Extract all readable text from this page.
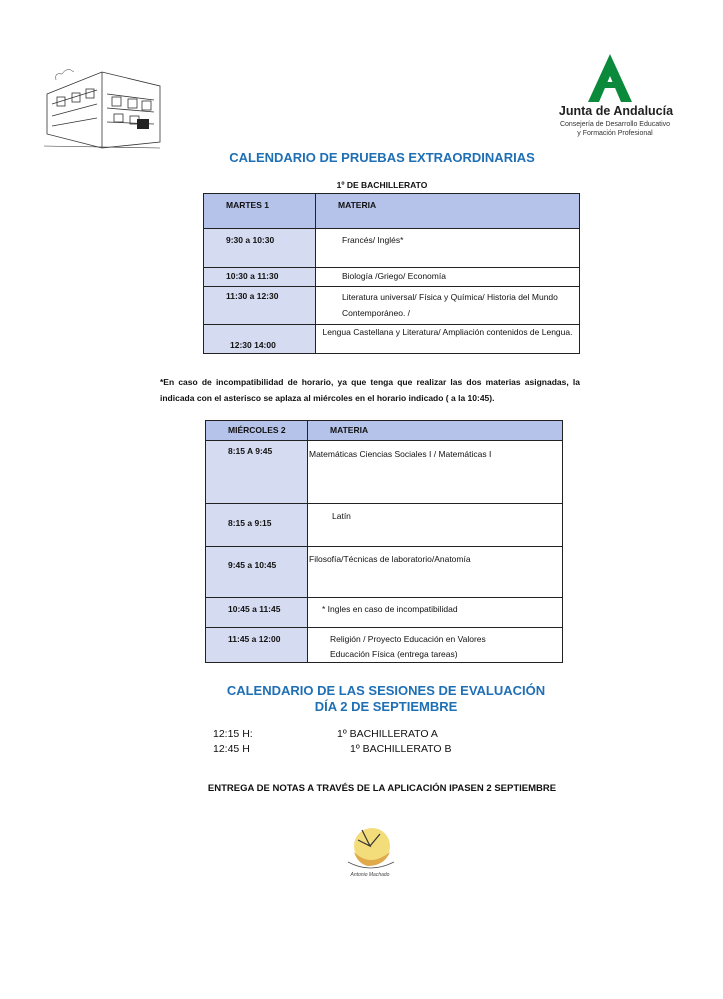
Junta de Andalucía
Consejería de Desarrollo Educativo
y Formación Profesional
CALENDARIO DE PRUEBAS EXTRAORDINARIAS
1º DE BACHILLERATO
MARTES 1	MATERIA
9:30 a 10:30	Francés/ Inglés*
10:30 a 11:30	Biología /Griego/ Economía
11:30 a 12:30	Literatura universal/ Física y Química/ Historia del Mundo Contemporáneo. /
12:30 14:00	Lengua Castellana y Literatura/ Ampliación contenidos de Lengua.
*En caso de incompatibilidad de horario, ya que tenga que realizar las dos materias asignadas, la indicada con el asterisco se aplaza al miércoles en el horario indicado ( a la 10:45).
MIÉRCOLES 2	MATERIA
8:15 A 9:45	Matemáticas Ciencias Sociales I / Matemáticas I
8:15 a 9:15	Latín
9:45 a 10:45	Filosofía/Técnicas de laboratorio/Anatomía
10:45 a 11:45	* Ingles en caso de incompatibilidad
11:45 a 12:00	Religión / Proyecto Educación en Valores
Educación Física (entrega tareas)
CALENDARIO DE LAS SESIONES DE EVALUACIÓN
DÍA 2 DE SEPTIEMBRE
12:15 H:	1º BACHILLERATO A
12:45 H	1º BACHILLERATO B
ENTREGA DE NOTAS A TRAVÉS DE LA APLICACIÓN IPASEN 2 SEPTIEMBRE
Antonio Machado
